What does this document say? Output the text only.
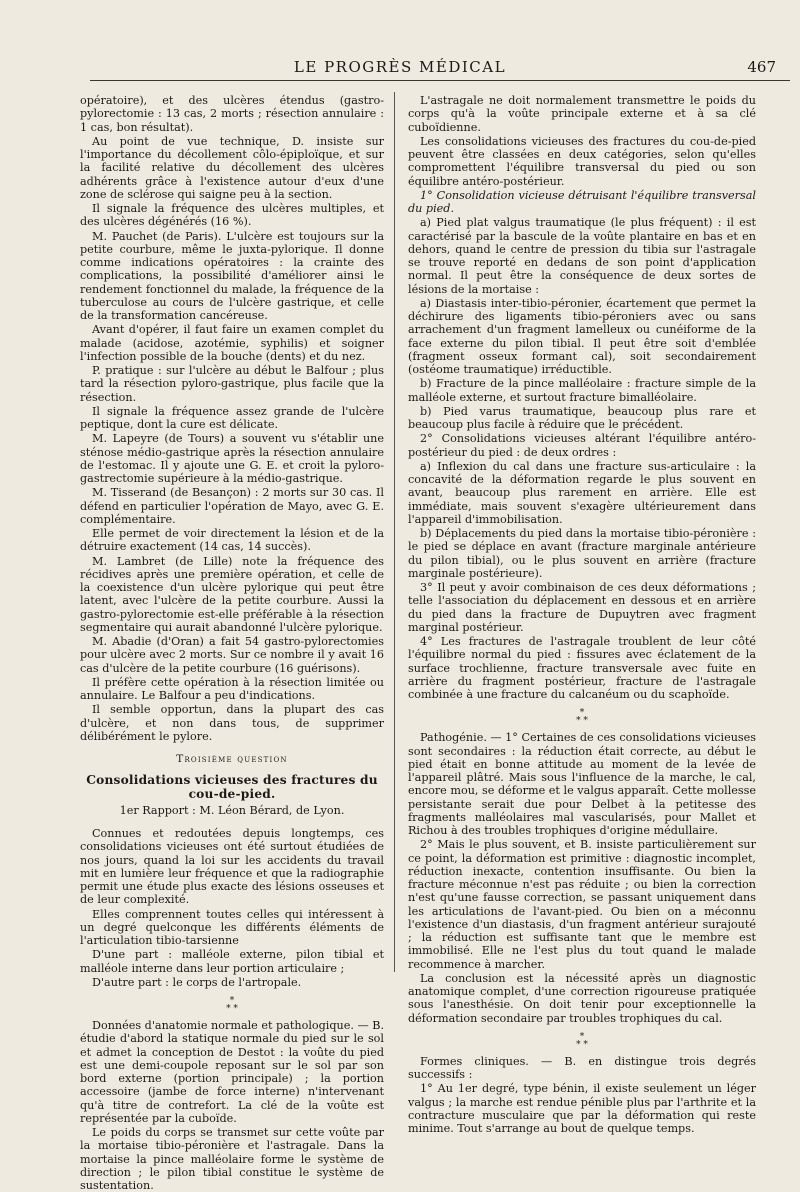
LE PROGRÈS MÉDICAL	467

opératoire), et des ulcères étendus (gastro-pylorectomie : 13 cas, 2 morts ; résection annulaire : 1 cas, bon résultat).

Au point de vue technique, D. insiste sur l'importance du décollement côlo-épiploïque, et sur la facilité relative du décollement des ulcères adhérents grâce à l'existence autour d'eux d'une zone de sclérose qui saigne peu à la section.

Il signale la fréquence des ulcères multiples, et des ulcères dégénérés (16 %).

M. Pauchet (de Paris). L'ulcère est toujours sur la petite courbure, même le juxta-pylorique. Il donne comme indications opératoires : la crainte des complications, la possibilité d'améliorer ainsi le rendement fonctionnel du malade, la fréquence de la tuberculose au cours de l'ulcère gastrique, et celle de la transformation cancéreuse.

Avant d'opérer, il faut faire un examen complet du malade (acidose, azotémie, syphilis) et soigner l'infection possible de la bouche (dents) et du nez.

P. pratique : sur l'ulcère au début le Balfour ; plus tard la résection pyloro-gastrique, plus facile que la résection.

Il signale la fréquence assez grande de l'ulcère peptique, dont la cure est délicate.

M. Lapeyre (de Tours) a souvent vu s'établir une sténose médio-gastrique après la résection annulaire de l'estomac. Il y ajoute une G. E. et croit la pyloro-gastrectomie supérieure à la médio-gastrique.

M. Tisserand (de Besançon) : 2 morts sur 30 cas. Il défend en particulier l'opération de Mayo, avec G. E. complémentaire.

Elle permet de voir directement la lésion et de la détruire exactement (14 cas, 14 succès).

M. Lambret (de Lille) note la fréquence des récidives après une première opération, et celle de la coexistence d'un ulcère pylorique qui peut être latent, avec l'ulcère de la petite courbure. Aussi la gastro-pylorectomie est-elle préférable à la résection segmentaire qui aurait abandonné l'ulcère pylorique.

M. Abadie (d'Oran) a fait 54 gastro-pylorectomies pour ulcère avec 2 morts. Sur ce nombre il y avait 16 cas d'ulcère de la petite courbure (16 guérisons).

Il préfère cette opération à la résection limitée ou annulaire. Le Balfour a peu d'indications.

Il semble opportun, dans la plupart des cas d'ulcère, et non dans tous, de supprimer délibérément le pylore.

Troisième question
Consolidations vicieuses des fractures du cou-de-pied.
1er Rapport : M. Léon Bérard, de Lyon.

Connues et redoutées depuis longtemps, ces consolidations vicieuses ont été surtout étudiées de nos jours, quand la loi sur les accidents du travail mit en lumière leur fréquence et que la radiographie permit une étude plus exacte des lésions osseuses et de leur complexité.

Elles comprennent toutes celles qui intéressent à un degré quelconque les différents éléments de l'articulation tibio-tarsienne

D'une part : malléole externe, pilon tibial et malléole interne dans leur portion articulaire ;

D'autre part : le corps de l'artropale.

*
* *

Données d'anatomie normale et pathologique. — B. étudie d'abord la statique normale du pied sur le sol et admet la conception de Destot : la voûte du pied est une demi-coupole reposant sur le sol par son bord externe (portion principale) ; la portion accessoire (jambe de force interne) n'intervenant qu'à titre de contrefort. La clé de la voûte est représentée par la cuboïde.

Le poids du corps se transmet sur cette voûte par la mortaise tibio-péronière et l'astragale. Dans la mortaise la pince malléolaire forme le système de direction ; le pilon tibial constitue le système de sustentation.

L'astragale ne doit normalement transmettre le poids du corps qu'à la voûte principale externe et à sa clé cuboïdienne.

Les consolidations vicieuses des fractures du cou-de-pied peuvent être classées en deux catégories, selon qu'elles compromettent l'équilibre transversal du pied ou son équilibre antéro-postérieur.

1° Consolidation vicieuse détruisant l'équilibre transversal du pied.

a) Pied plat valgus traumatique (le plus fréquent) : il est caractérisé par la bascule de la voûte plantaire en bas et en dehors, quand le centre de pression du tibia sur l'astragale se trouve reporté en dedans de son point d'application normal. Il peut être la conséquence de deux sortes de lésions de la mortaise :

a) Diastasis inter-tibio-péronier, écartement que permet la déchirure des ligaments tibio-péroniers avec ou sans arrachement d'un fragment lamelleux ou cunéiforme de la face externe du pilon tibial. Il peut être soit d'emblée (fragment osseux formant cal), soit secondairement (ostéome traumatique) irréductible.

b) Fracture de la pince malléolaire : fracture simple de la malléole externe, et surtout fracture bimalléolaire.

b) Pied varus traumatique, beaucoup plus rare et beaucoup plus facile à réduire que le précédent.

2° Consolidations vicieuses altérant l'équilibre antéro-postérieur du pied : de deux ordres :

a) Inflexion du cal dans une fracture sus-articulaire : la concavité de la déformation regarde le plus souvent en avant, beaucoup plus rarement en arrière. Elle est immédiate, mais souvent s'exagère ultérieurement dans l'appareil d'immobilisation.

b) Déplacements du pied dans la mortaise tibio-péronière : le pied se déplace en avant (fracture marginale antérieure du pilon tibial), ou le plus souvent en arrière (fracture marginale postérieure).

3° Il peut y avoir combinaison de ces deux déformations ; telle l'association du déplacement en dessous et en arrière du pied dans la fracture de Dupuytren avec fragment marginal postérieur.

4° Les fractures de l'astragale troublent de leur côté l'équilibre normal du pied : fissures avec éclatement de la surface trochlienne, fracture transversale avec fuite en arrière du fragment postérieur, fracture de l'astragale combinée à une fracture du calcanéum ou du scaphoïde.

*
* *

Pathogénie. — 1° Certaines de ces consolidations vicieuses sont secondaires : la réduction était correcte, au début le pied était en bonne attitude au moment de la levée de l'appareil plâtré. Mais sous l'influence de la marche, le cal, encore mou, se déforme et le valgus apparaît. Cette mollesse persistante serait due pour Delbet à la petitesse des fragments malléolaires mal vascularisés, pour Mallet et Richou à des troubles trophiques d'origine médullaire.

2° Mais le plus souvent, et B. insiste particulièrement sur ce point, la déformation est primitive : diagnostic incomplet, réduction inexacte, contention insuffisante. Ou bien la fracture méconnue n'est pas réduite ; ou bien la correction n'est qu'une fausse correction, se passant uniquement dans les articulations de l'avant-pied. Ou bien on a méconnu l'existence d'un diastasis, d'un fragment antérieur surajouté ; la réduction est suffisante tant que le membre est immobilisé. Elle ne l'est plus du tout quand le malade recommence à marcher.

La conclusion est la nécessité après un diagnostic anatomique complet, d'une correction rigoureuse pratiquée sous l'anesthésie. On doit tenir pour exceptionnelle la déformation secondaire par troubles trophiques du cal.

*
* *

Formes cliniques. — B. en distingue trois degrés successifs :

1° Au 1er degré, type bénin, il existe seulement un léger valgus ; la marche est rendue pénible plus par l'arthrite et la contracture musculaire que par la déformation qui reste minime. Tout s'arrange au bout de quelque temps.
